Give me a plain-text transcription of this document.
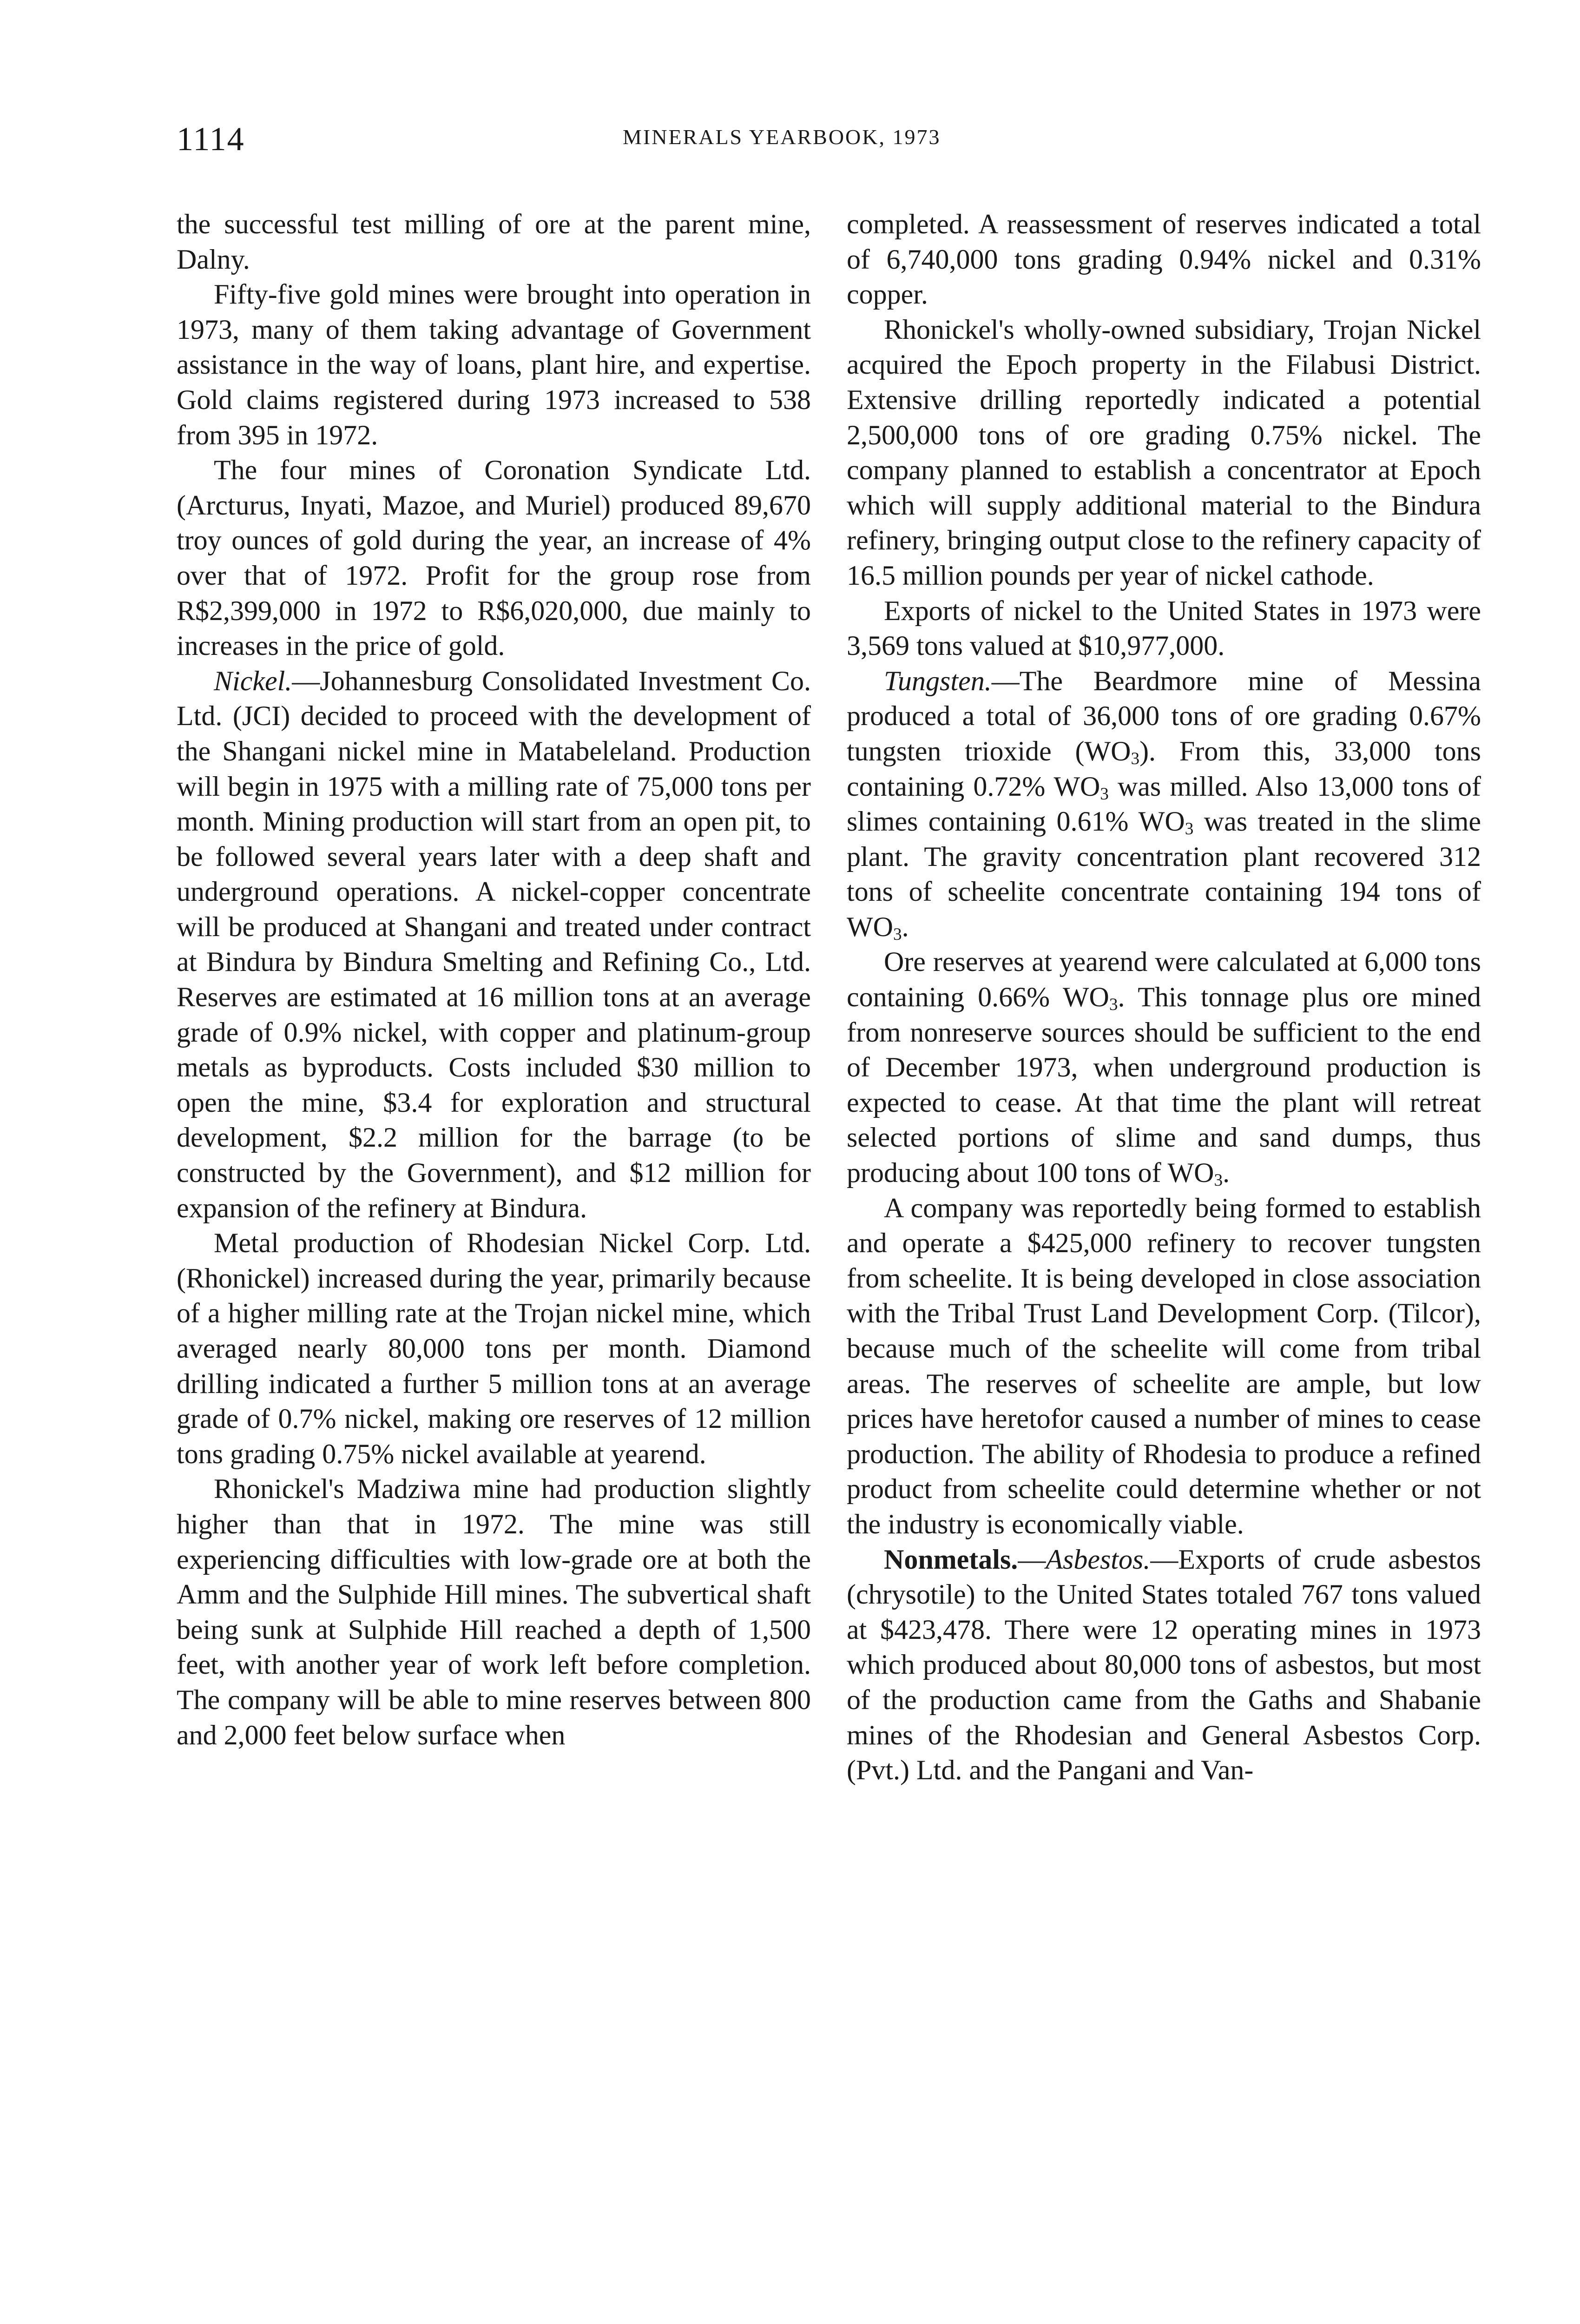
1114	MINERALS YEARBOOK, 1973

the successful test milling of ore at the parent mine, Dalny.

Fifty-five gold mines were brought into operation in 1973, many of them taking advantage of Government assistance in the way of loans, plant hire, and expertise. Gold claims registered during 1973 increased to 538 from 395 in 1972.

The four mines of Coronation Syndicate Ltd. (Arcturus, Inyati, Mazoe, and Muriel) produced 89,670 troy ounces of gold during the year, an increase of 4% over that of 1972. Profit for the group rose from R$2,399,000 in 1972 to R$6,020,000, due mainly to increases in the price of gold.

Nickel.—Johannesburg Consolidated Investment Co. Ltd. (JCI) decided to proceed with the development of the Shangani nickel mine in Matabeleland. Production will begin in 1975 with a milling rate of 75,000 tons per month. Mining production will start from an open pit, to be followed several years later with a deep shaft and underground operations. A nickel-copper concentrate will be produced at Shangani and treated under contract at Bindura by Bindura Smelting and Refining Co., Ltd. Reserves are estimated at 16 million tons at an average grade of 0.9% nickel, with copper and platinum-group metals as byproducts. Costs included $30 million to open the mine, $3.4 for exploration and structural development, $2.2 million for the barrage (to be constructed by the Government), and $12 million for expansion of the refinery at Bindura.

Metal production of Rhodesian Nickel Corp. Ltd. (Rhonickel) increased during the year, primarily because of a higher milling rate at the Trojan nickel mine, which averaged nearly 80,000 tons per month. Diamond drilling indicated a further 5 million tons at an average grade of 0.7% nickel, making ore reserves of 12 million tons grading 0.75% nickel available at yearend.

Rhonickel's Madziwa mine had production slightly higher than that in 1972. The mine was still experiencing difficulties with low-grade ore at both the Amm and the Sulphide Hill mines. The subvertical shaft being sunk at Sulphide Hill reached a depth of 1,500 feet, with another year of work left before completion. The company will be able to mine reserves between 800 and 2,000 feet below surface when

completed. A reassessment of reserves indicated a total of 6,740,000 tons grading 0.94% nickel and 0.31% copper.

Rhonickel's wholly-owned subsidiary, Trojan Nickel acquired the Epoch property in the Filabusi District. Extensive drilling reportedly indicated a potential 2,500,000 tons of ore grading 0.75% nickel. The company planned to establish a concentrator at Epoch which will supply additional material to the Bindura refinery, bringing output close to the refinery capacity of 16.5 million pounds per year of nickel cathode.

Exports of nickel to the United States in 1973 were 3,569 tons valued at $10,977,000.

Tungsten.—The Beardmore mine of Messina produced a total of 36,000 tons of ore grading 0.67% tungsten trioxide $(WO_3)$. From this, 33,000 tons containing 0.72% $WO_3$ was milled. Also 13,000 tons of slimes containing 0.61% $WO_3$ was treated in the slime plant. The gravity concentration plant recovered 312 tons of scheelite concentrate containing 194 tons of $WO_3$.

Ore reserves at yearend were calculated at 6,000 tons containing 0.66% $WO_3$. This tonnage plus ore mined from nonreserve sources should be sufficient to the end of December 1973, when underground production is expected to cease. At that time the plant will retreat selected portions of slime and sand dumps, thus producing about 100 tons of $WO_3$.

A company was reportedly being formed to establish and operate a $425,000 refinery to recover tungsten from scheelite. It is being developed in close association with the Tribal Trust Land Development Corp. (Tilcor), because much of the scheelite will come from tribal areas. The reserves of scheelite are ample, but low prices have heretofor caused a number of mines to cease production. The ability of Rhodesia to produce a refined product from scheelite could determine whether or not the industry is economically viable.

Nonmetals.—Asbestos.—Exports of crude asbestos (chrysotile) to the United States totaled 767 tons valued at $423,478. There were 12 operating mines in 1973 which produced about 80,000 tons of asbestos, but most of the production came from the Gaths and Shabanie mines of the Rhodesian and General Asbestos Corp. (Pvt.) Ltd. and the Pangani and Van-
